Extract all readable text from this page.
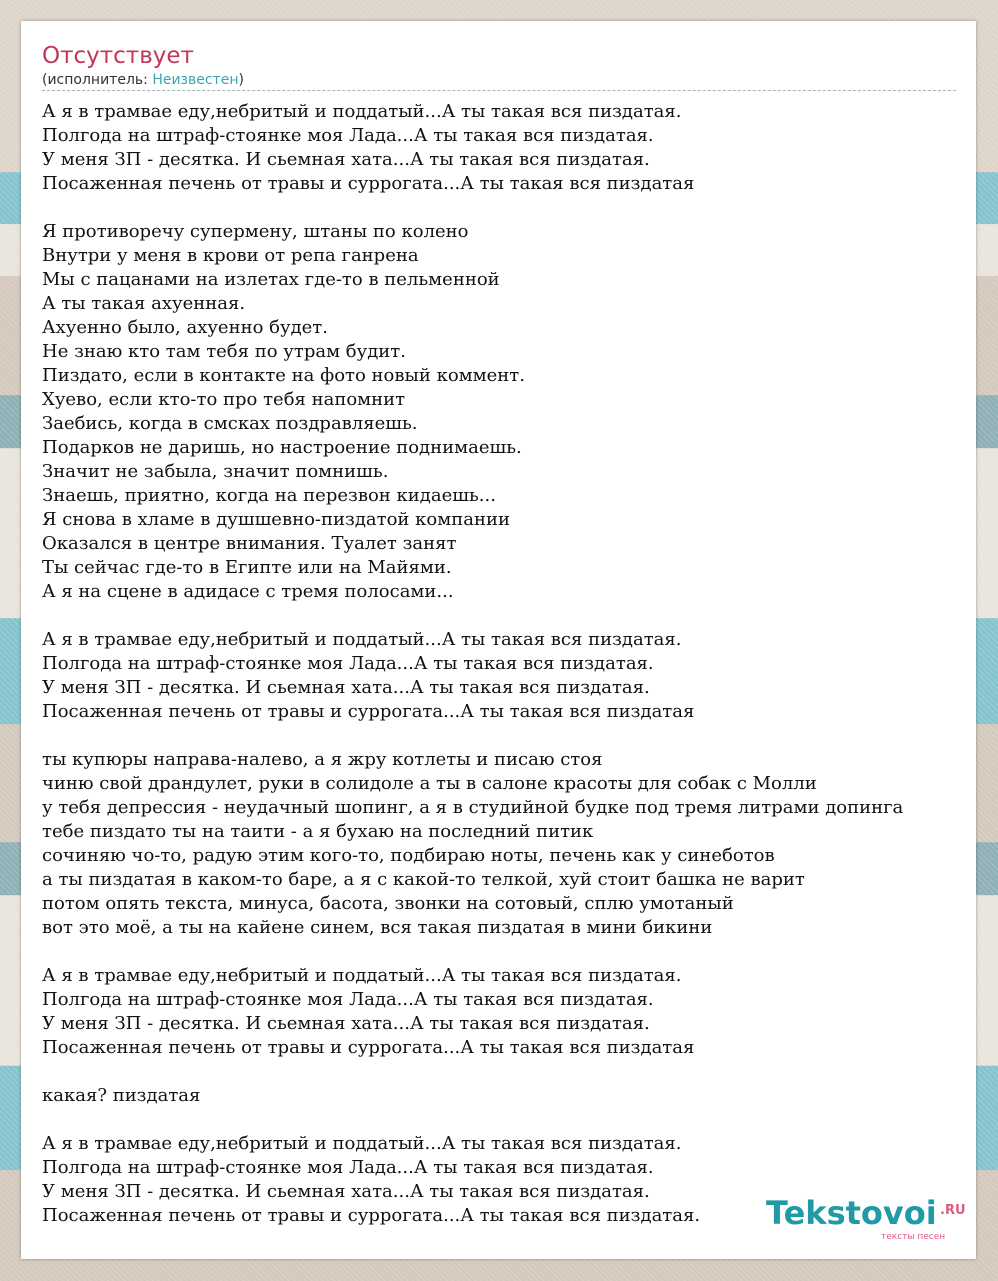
Отсутствует
(исполнитель: Неизвестен)
А я в трамвае еду,небритый и поддатый...А ты такая вся пиздатая.
Полгода на штраф-стоянке моя Лада...А ты такая вся пиздатая.
У меня ЗП - десятка. И сьемная хата...А ты такая вся пиздатая.
Посаженная печень от травы и суррогата...А ты такая вся пиздатая
Я противоречу супермену, штаны по колено
Внутри у меня в крови от репа ганрена
Мы с пацанами на излетах где-то в пельменной
А ты такая ахуенная.
Ахуенно было, ахуенно будет.
Не знаю кто там тебя по утрам будит.
Пиздато, если в контакте на фото новый коммент.
Хуево, если кто-то про тебя напомнит
Заебись, когда в смсках поздравляешь.
Подарков не даришь, но настроение поднимаешь.
Значит не забыла, значит помнишь.
Знаешь, приятно, когда на перезвон кидаешь...
Я снова в хламе в душшевно-пиздатой компании
Оказался в центре внимания. Туалет занят
Ты сейчас где-то в Египте или на Майями.
А я на сцене в адидасе с тремя полосами...
А я в трамвае еду,небритый и поддатый...А ты такая вся пиздатая.
Полгода на штраф-стоянке моя Лада...А ты такая вся пиздатая.
У меня ЗП - десятка. И сьемная хата...А ты такая вся пиздатая.
Посаженная печень от травы и суррогата...А ты такая вся пиздатая
ты купюры направа-налево, а я жру котлеты и писаю стоя
чиню свой драндулет, руки в солидоле а ты в салоне красоты для собак с Молли
у тебя депрессия - неудачный шопинг, а я в студийной будке под тремя литрами допинга
тебе пиздато ты на таити - а я бухаю на последний питик
сочиняю чо-то, радую этим кого-то, подбираю ноты, печень как у синеботов
а ты пиздатая в каком-то баре, а я с какой-то телкой, хуй стоит башка не варит
потом опять текста, минуса, басота, звонки на сотовый, сплю умотаный
вот это моё, а ты на кайене синем, вся такая пиздатая в мини бикини
А я в трамвае еду,небритый и поддатый...А ты такая вся пиздатая.
Полгода на штраф-стоянке моя Лада...А ты такая вся пиздатая.
У меня ЗП - десятка. И сьемная хата...А ты такая вся пиздатая.
Посаженная печень от травы и суррогата...А ты такая вся пиздатая
какая? пиздатая
А я в трамвае еду,небритый и поддатый...А ты такая вся пиздатая.
Полгода на штраф-стоянке моя Лада...А ты такая вся пиздатая.
У меня ЗП - десятка. И сьемная хата...А ты такая вся пиздатая.
Посаженная печень от травы и суррогата...А ты такая вся пиздатая.	Tekstovoi .RU
тексты песен
